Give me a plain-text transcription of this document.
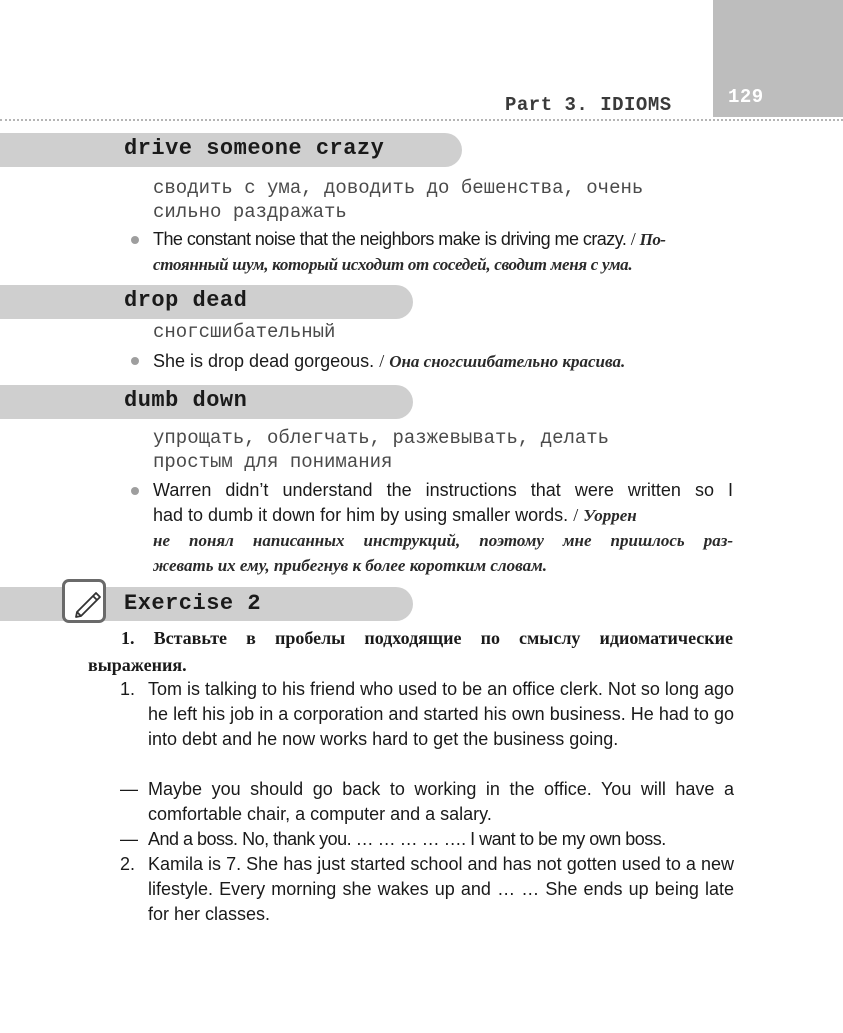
129
Part 3. IDIOMS
drive someone crazy
сводить с ума, доводить до бешенства, очень
сильно раздражать
The constant noise that the neighbors make is driving me crazy. / По-
стоянный шум, который исходит от соседей, сводит меня с ума.
drop dead
сногсшибательный
She is drop dead gorgeous. / Она сногсшибательно красива.
dumb down
упрощать, облегчать, разжевывать, делать
простым для понимания
Warren didn’t understand the instructions that were written so I
had to dumb it down for him by using smaller words. / Уоррен
не понял написанных инструкций, поэтому мне пришлось раз-
жевать их ему, прибегнув к более коротким словам.
Exercise 2
1. Вставьте в пробелы подходящие по смыслу идиоматические выражения.
1. Tom is talking to his friend who used to be an office clerk. Not so long ago he left his job in a corporation and started his own business. He had to go into debt and he now works hard to get the business going.
— Maybe you should go back to working in the office. You will have a comfortable chair, a computer and a salary.
— And a boss. No, thank you. … … … … …. I want to be my own boss.
2. Kamila is 7. She has just started school and has not gotten used to a new lifestyle. Every morning she wakes up and … … She ends up being late for her classes.
